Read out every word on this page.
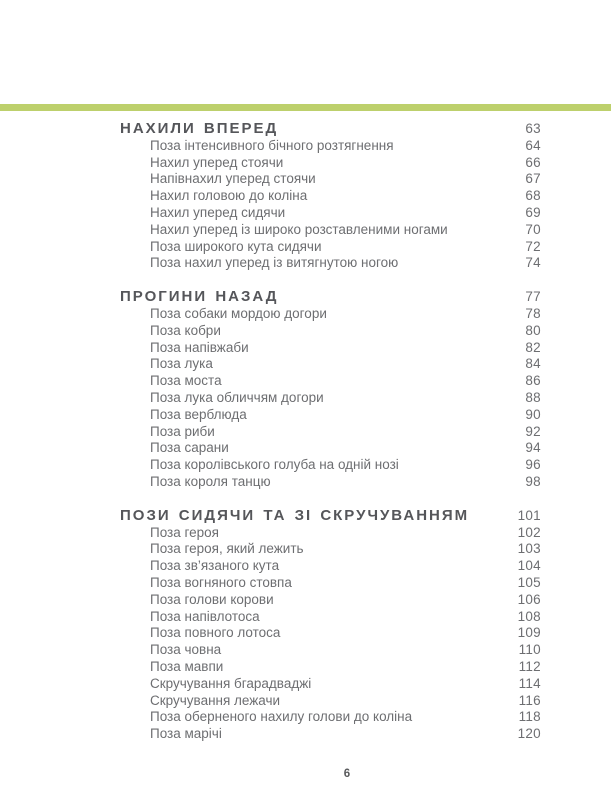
НАХИЛИ ВПЕРЕД	63
Поза інтенсивного бічного розтягнення	64
Нахил уперед стоячи	66
Напівнахил уперед стоячи	67
Нахил головою до коліна	68
Нахил уперед сидячи	69
Нахил уперед із широко розставленими ногами	70
Поза широкого кута сидячи	72
Поза нахил уперед із витягнутою ногою	74
ПРОГИНИ НАЗАД	77
Поза собаки мордою догори	78
Поза кобри	80
Поза напівжаби	82
Поза лука	84
Поза моста	86
Поза лука обличчям догори	88
Поза верблюда	90
Поза риби	92
Поза сарани	94
Поза королівського голуба на одній нозі	96
Поза короля танцю	98
ПОЗИ СИДЯЧИ ТА ЗІ СКРУЧУВАННЯМ	101
Поза героя	102
Поза героя, який лежить	103
Поза зв’язаного кута	104
Поза вогняного стовпа	105
Поза голови корови	106
Поза напівлотоса	108
Поза повного лотоса	109
Поза човна	110
Поза мавпи	112
Скручування бгарадваджі	114
Скручування лежачи	116
Поза оберненого нахилу голови до коліна	118
Поза марічі	120
6
